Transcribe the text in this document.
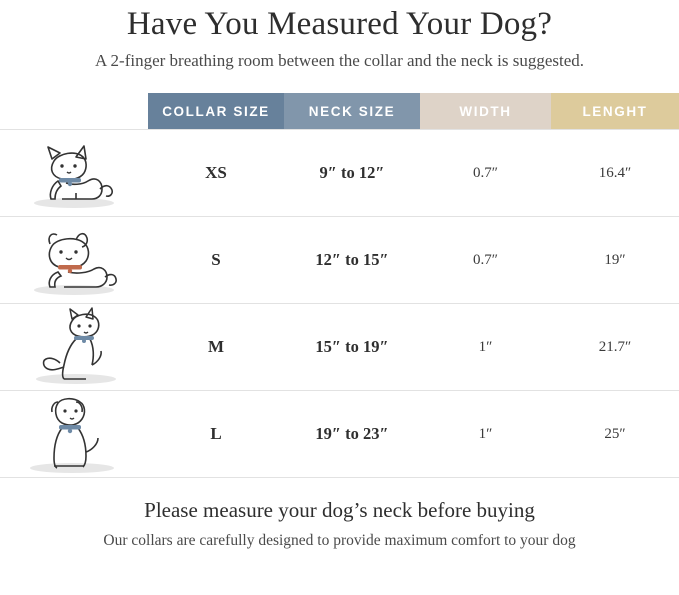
Have You Measured Your Dog?

A 2-finger breathing room between the collar and the neck is suggested.

	COLLAR SIZE	NECK SIZE	WIDTH	LENGHT

	XS	9″ to 12″	0.7″	16.4″

	S	12″ to 15″	0.7″	19″

	M	15″ to 19″	1″	21.7″

	L	19″ to 23″	1″	25″
Please measure your dog’s neck before buying
Our collars are carefully designed to provide maximum comfort to your dog
